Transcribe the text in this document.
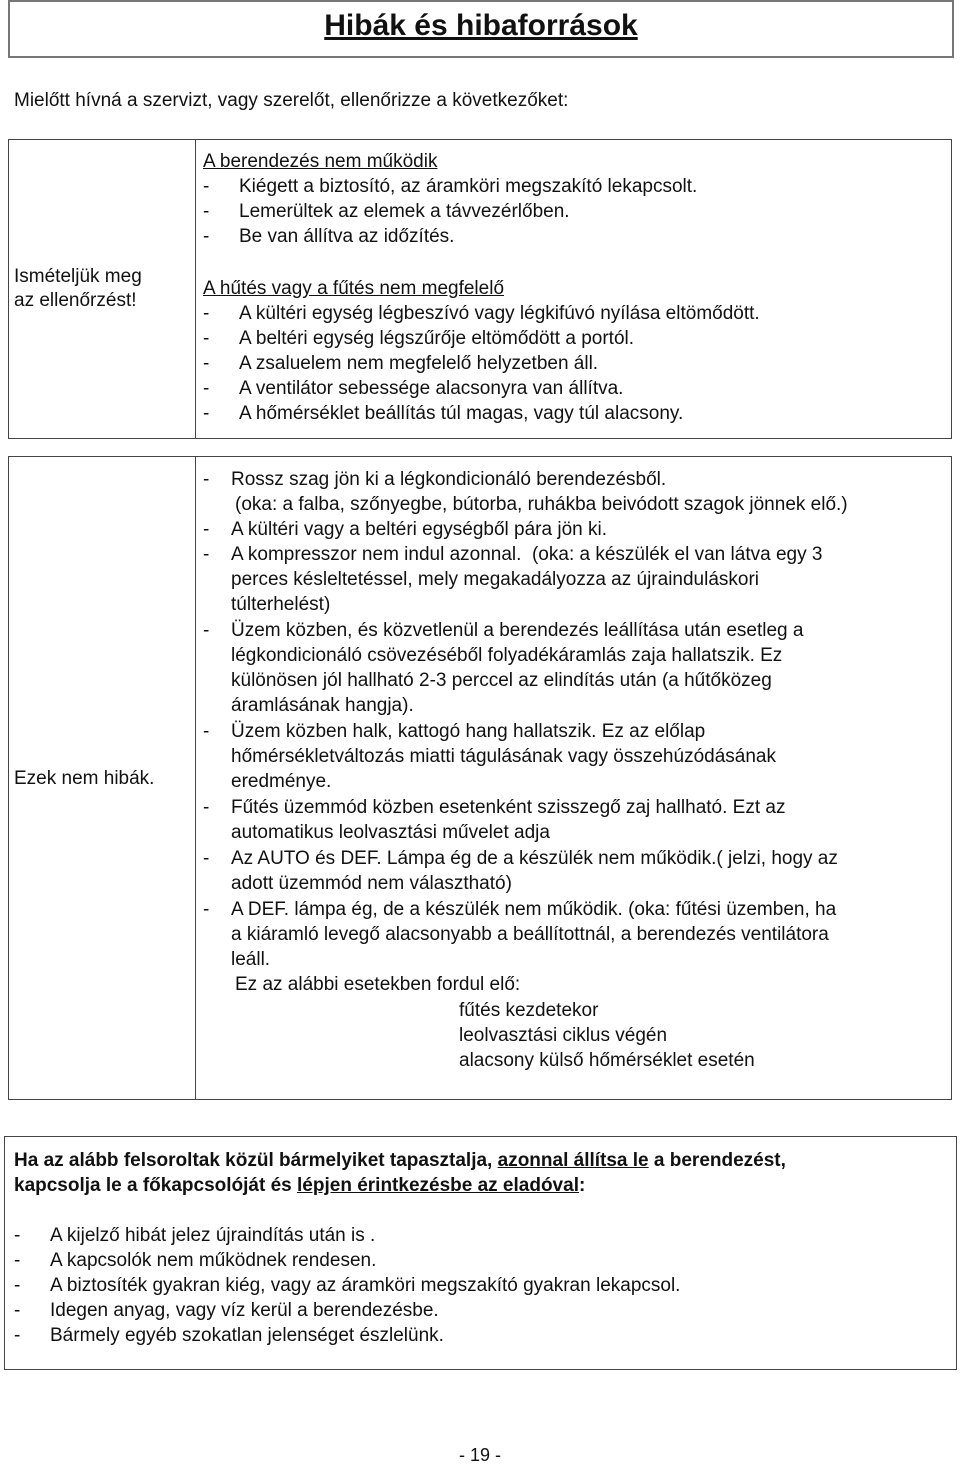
Hibák és hibaforrások
Mielőtt hívná a szervizt, vagy szerelőt, ellenőrizze a következőket:
Ismételjük meg
az ellenőrzést!
A berendezés nem működik
- Kiégett a biztosító, az áramköri megszakító lekapcsolt.
- Lemerültek az elemek a távvezérlőben.
- Be van állítva az időzítés.
A hűtés vagy a fűtés nem megfelelő
- A kültéri egység légbeszívó vagy légkifúvó nyílása eltömődött.
- A beltéri egység légszűrője eltömődött a portól.
- A zsaluelem nem megfelelő helyzetben áll.
- A ventilátor sebessége alacsonyra van állítva.
- A hőmérséklet beállítás túl magas, vagy túl alacsony.
Ezek nem hibák.
- Rossz szag jön ki a légkondicionáló berendezésből.
(oka: a falba, szőnyegbe, bútorba, ruhákba beivódott szagok jönnek elő.)
- A kültéri vagy a beltéri egységből pára jön ki.
- A kompresszor nem indul azonnal.  (oka: a készülék el van látva egy 3
perces késleltetéssel, mely megakadályozza az újrainduláskori
túlterhelést)
- Üzem közben, és közvetlenül a berendezés leállítása után esetleg a
légkondicionáló csövezéséből folyadékáramlás zaja hallatszik. Ez
különösen jól hallható 2-3 perccel az elindítás után (a hűtőközeg
áramlásának hangja).
- Üzem közben halk, kattogó hang hallatszik. Ez az előlap
hőmérsékletváltozás miatti tágulásának vagy összehúzódásának
eredménye.
- Fűtés üzemmód közben esetenként szisszegő zaj hallható. Ezt az
automatikus leolvasztási művelet adja
- Az AUTO és DEF. Lámpa ég de a készülék nem működik.( jelzi, hogy az
adott üzemmód nem választható)
- A DEF. lámpa ég, de a készülék nem működik. (oka: fűtési üzemben, ha
a kiáramló levegő alacsonyabb a beállítottnál, a berendezés ventilátora
leáll.
Ez az alábbi esetekben fordul elő:
fűtés kezdetekor
leolvasztási ciklus végén
alacsony külső hőmérséklet esetén
Ha az alább felsoroltak közül bármelyiket tapasztalja, azonnal állítsa le a berendezést,
kapcsolja le a főkapcsolóját és lépjen érintkezésbe az eladóval:
- A kijelző hibát jelez újraindítás után is .
- A kapcsolók nem működnek rendesen.
- A biztosíték gyakran kiég, vagy az áramköri megszakító gyakran lekapcsol.
- Idegen anyag, vagy víz kerül a berendezésbe.
- Bármely egyéb szokatlan jelenséget észlelünk.
- 19 -
